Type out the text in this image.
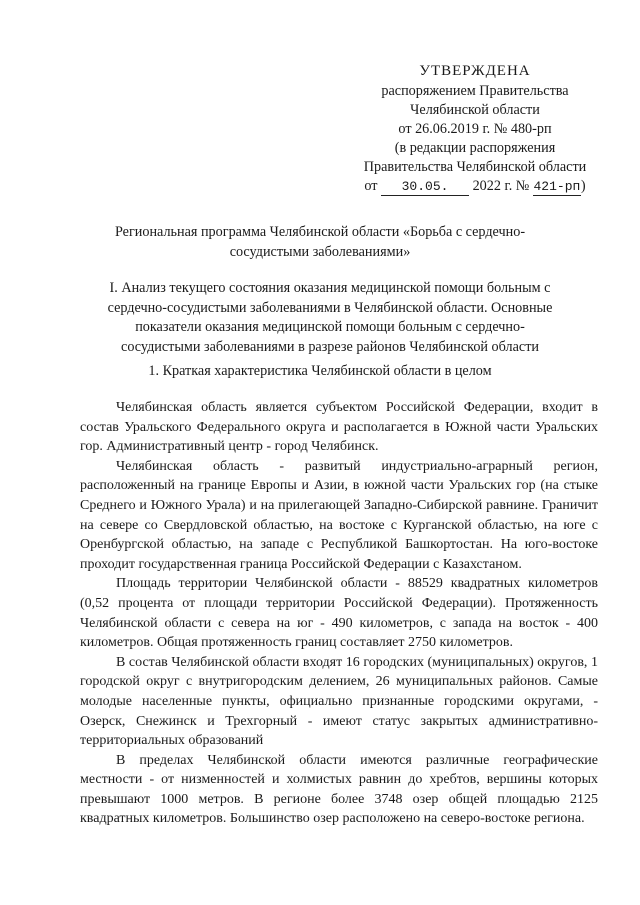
УТВЕРЖДЕНА
распоряжением Правительства
Челябинской области
от 26.06.2019 г. № 480-рп
(в редакции распоряжения
Правительства Челябинской области
от 30.05. 2022 г. № 421-рп)
Региональная программа Челябинской области «Борьба с сердечно-сосудистыми заболеваниями»
I. Анализ текущего состояния оказания медицинской помощи больным с сердечно-сосудистыми заболеваниями в Челябинской области. Основные показатели оказания медицинской помощи больным с сердечно-сосудистыми заболеваниями в разрезе районов Челябинской области
1. Краткая характеристика Челябинской области в целом

Челябинская область является субъектом Российской Федерации, входит в состав Уральского Федерального округа и располагается в Южной части Уральских гор. Административный центр - город Челябинск.

Челябинская область - развитый индустриально-аграрный регион, расположенный на границе Европы и Азии, в южной части Уральских гор (на стыке Среднего и Южного Урала) и на прилегающей Западно-Сибирской равнине. Граничит на севере со Свердловской областью, на востоке с Курганской областью, на юге с Оренбургской областью, на западе с Республикой Башкортостан. На юго-востоке проходит государственная граница Российской Федерации с Казахстаном.

Площадь территории Челябинской области - 88529 квадратных километров (0,52 процента от площади территории Российской Федерации). Протяженность Челябинской области с севера на юг - 490 километров, с запада на восток - 400 километров. Общая протяженность границ составляет 2750 километров.

В состав Челябинской области входят 16 городских (муниципальных) округов, 1 городской округ с внутригородским делением, 26 муниципальных районов. Самые молодые населенные пункты, официально признанные городскими округами, - Озерск, Снежинск и Трехгорный - имеют статус закрытых административно-территориальных образований

В пределах Челябинской области имеются различные географические местности - от низменностей и холмистых равнин до хребтов, вершины которых превышают 1000 метров. В регионе более 3748 озер общей площадью 2125 квадратных километров. Большинство озер расположено на северо-востоке региона.
